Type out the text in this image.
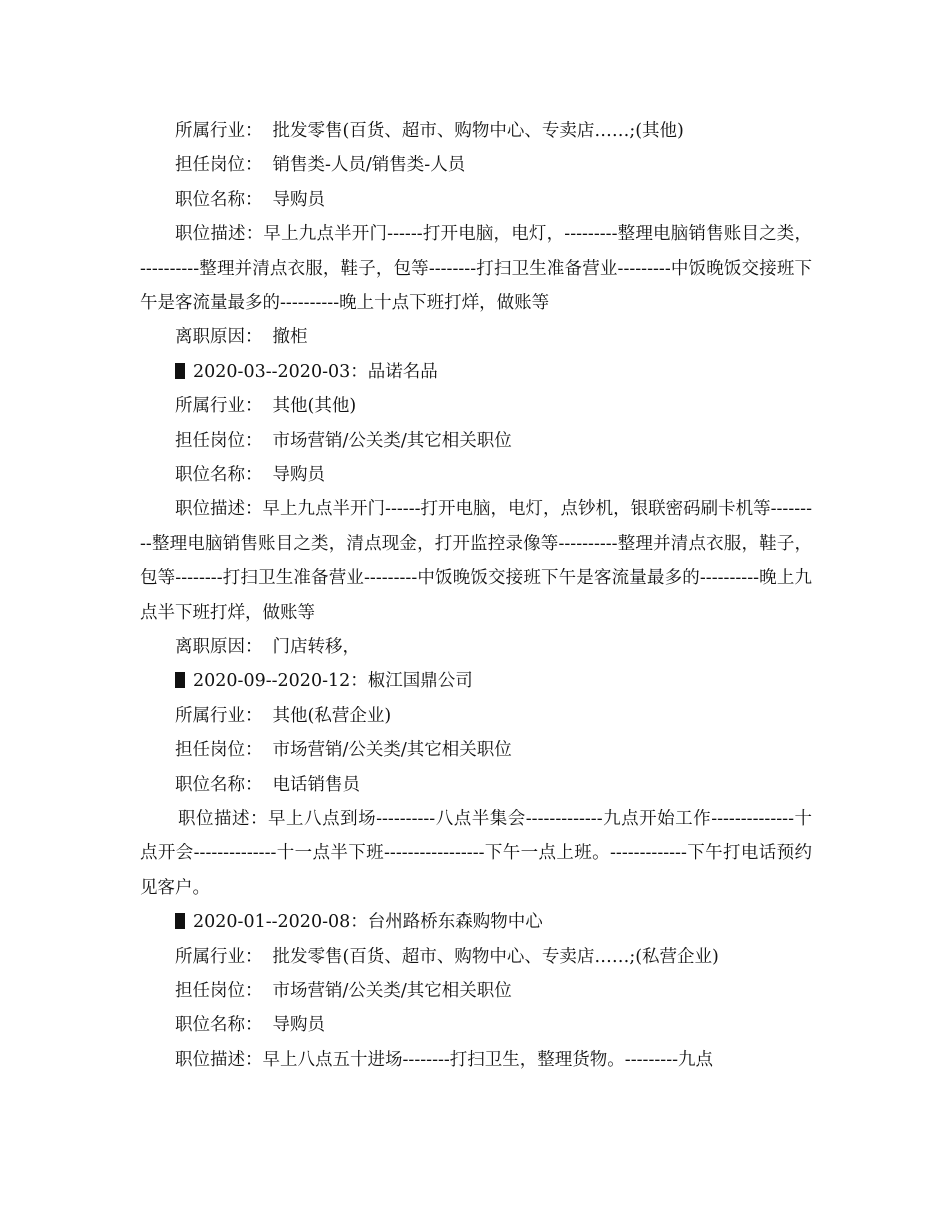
所属行业： 批发零售(百货、超市、购物中心、专卖店……;(其他)
担任岗位： 销售类-人员/销售类-人员
职位名称： 导购员
职位描述：早上九点半开门------打开电脑，电灯，---------整理电脑销售账目之类，----------整理并清点衣服，鞋子，包等--------打扫卫生准备营业---------中饭晚饭交接班下午是客流量最多的----------晚上十点下班打烊，做账等
离职原因： 撤柜
2020-03--2020-03：品诺名品
所属行业： 其他(其他)
担任岗位： 市场营销/公关类/其它相关职位
职位名称： 导购员
职位描述：早上九点半开门------打开电脑，电灯，点钞机，银联密码刷卡机等---------整理电脑销售账目之类，清点现金，打开监控录像等----------整理并清点衣服，鞋子，包等--------打扫卫生准备营业---------中饭晚饭交接班下午是客流量最多的----------晚上九点半下班打烊，做账等
离职原因： 门店转移，
2020-09--2020-12：椒江国鼎公司
所属行业： 其他(私营企业)
担任岗位： 市场营销/公关类/其它相关职位
职位名称： 电话销售员
职位描述：早上八点到场----------八点半集会-------------九点开始工作--------------十点开会--------------十一点半下班-----------------下午一点上班。-------------下午打电话预约见客户。
2020-01--2020-08：台州路桥东森购物中心
所属行业： 批发零售(百货、超市、购物中心、专卖店……;(私营企业)
担任岗位： 市场营销/公关类/其它相关职位
职位名称： 导购员
职位描述：早上八点五十进场--------打扫卫生，整理货物。---------九点
